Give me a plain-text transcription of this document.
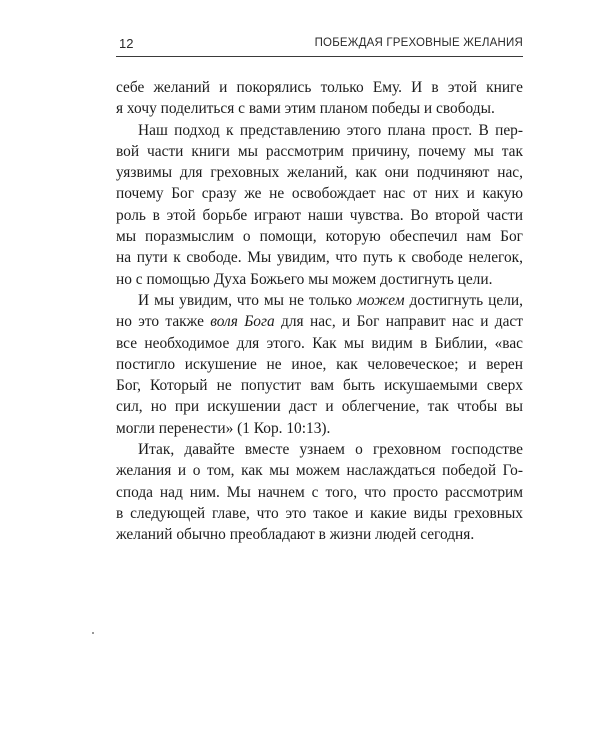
12	ПОБЕЖДАЯ ГРЕХОВНЫЕ ЖЕЛАНИЯ

себе желаний и покорялись только Ему. И в этой книге
я хочу поделиться с вами этим планом победы и свободы.

Наш подход к представлению этого плана прост. В пер-
вой части книги мы рассмотрим причину, почему мы так
уязвимы для греховных желаний, как они подчиняют нас,
почему Бог сразу же не освобождает нас от них и какую
роль в этой борьбе играют наши чувства. Во второй части
мы поразмыслим о помощи, которую обеспечил нам Бог
на пути к свободе. Мы увидим, что путь к свободе нелегок,
но с помощью Духа Божьего мы можем достигнуть цели.

И мы увидим, что мы не только можем достигнуть цели,
но это также воля Бога для нас, и Бог направит нас и даст
все необходимое для этого. Как мы видим в Библии, «вас
постигло искушение не иное, как человеческое; и верен
Бог, Который не попустит вам быть искушаемыми сверх
сил, но при искушении даст и облегчение, так чтобы вы
могли перенести» (1 Кор. 10:13).

Итак, давайте вместе узнаем о греховном господстве
желания и о том, как мы можем наслаждаться победой Го-
спода над ним. Мы начнем с того, что просто рассмотрим
в следующей главе, что это такое и какие виды греховных
желаний обычно преобладают в жизни людей сегодня.
